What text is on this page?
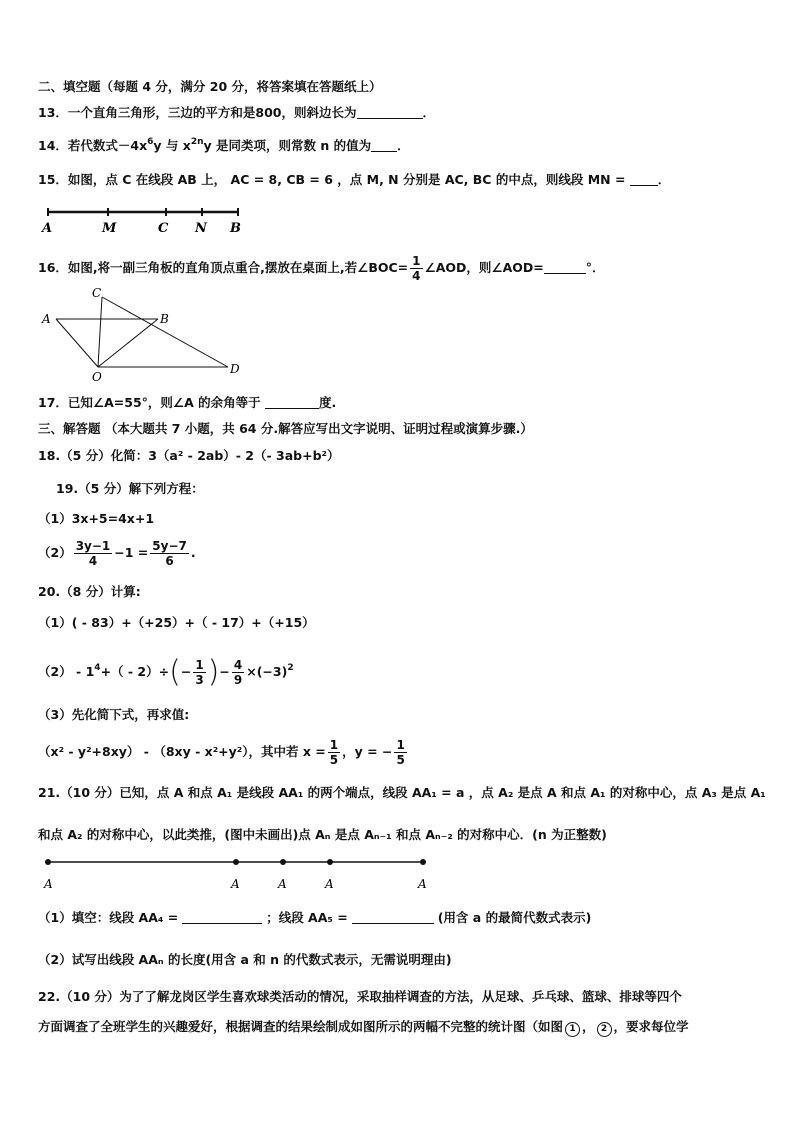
二、填空题（每题 4 分，满分 20 分，将答案填在答题纸上）
13．一个直角三角形，三边的平方和是800，则斜边长为	．
14．若代数式$-4x^6y$ 与 $x^{2n}y$ 是同类项，则常数 n 的值为 ．
15．如图，点 C 在线段 AB 上， AC = 8, CB = 6 ，点 M, N 分别是 AC, BC 的中点，则线段 MN = ．
A	M	C N B
16．如图,将一副三角板的直角顶点重合,摆放在桌面上,若∠BOC= $\frac{1}{4}$ ∠AOD，则∠AOD=	°．
C
A	B
O
D
17．已知∠A=55°，则∠A 的余角等于	度.
三、解答题 （本大题共 7 小题，共 64 分.解答应写出文字说明、证明过程或演算步骤.）
18.（5 分）化简：3（a² - 2ab）- 2（- 3ab+b²）
19.（5 分）解下列方程：
（1）3x+5=4x+1
$(2) \frac{3y-1}{4} -1 = \frac{5y-7}{6}$ .
20.（8 分）计算:
（1）( - 83）+（+25）+（ - 17）+（+15）
$(2) - 1^4+( - 2)\div(- \frac{1}{3}$ )− $\frac{4}{9} \times(-3)^2$
（3）先化简下式，再求值:
（x² - y²+8xy） - （8xy - x²+y²），其中若 $x = \frac{1}{5}$ ，y = − $\frac{1}{5}$
21.（10 分）已知，点 A 和点 A₁ 是线段 AA₁ 的两个端点，线段 AA₁ = a ，点 A₂ 是点 A 和点 A₁ 的对称中心，点 A₃ 是点 A₁
和点 A₂ 的对称中心，以此类推，(图中未画出)点 Aₙ 是点 Aₙ₋₁ 和点 Aₙ₋₂ 的对称中心．(n 为正整数)
A	A	A	A	A
（1）填空：线段 AA₄ =	；线段 AA₅ =	(用含 a 的最简代数式表示)
（2）试写出线段 AAₙ 的长度(用含 a 和 n 的代数式表示，无需说明理由)
22.（10 分）为了了解龙岗区学生喜欢球类活动的情况，采取抽样调查的方法，从足球、乒乓球、篮球、排球等四个
方面调查了全班学生的兴趣爱好，根据调查的结果绘制成如图所示的两幅不完整的统计图（如图 1 ， 2 ，要求每位学
